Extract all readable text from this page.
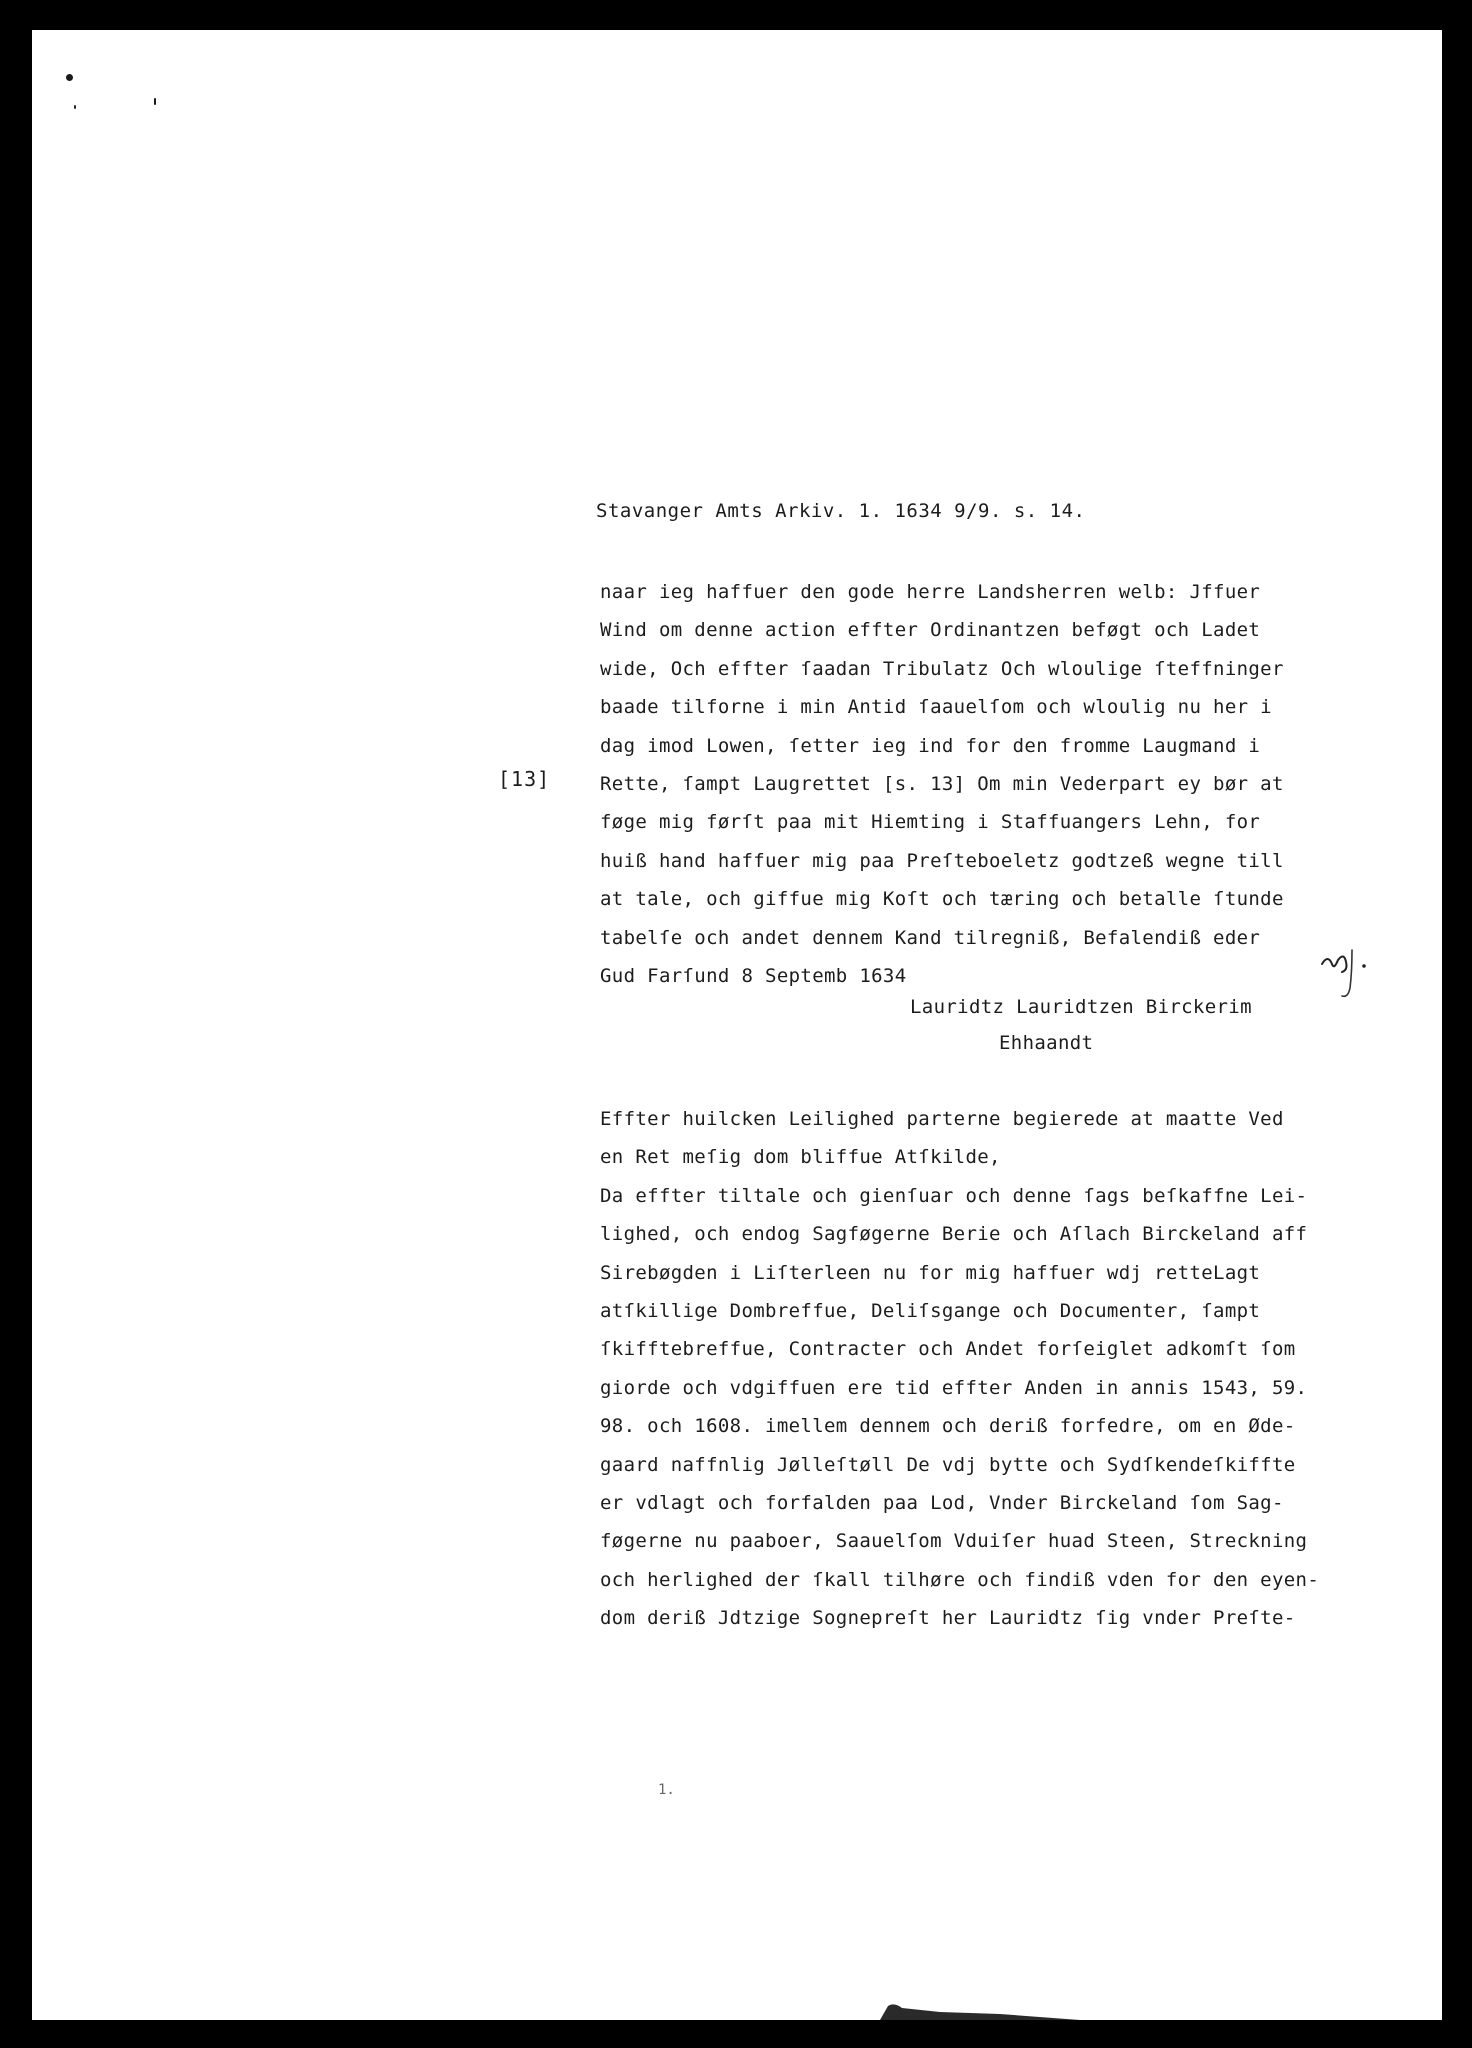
Stavanger Amts Arkiv. 1. 1634 9/9. s. 14.
[13]
naar ieg haffuer den gode herre Landsherren welb: Jffuer
Wind om denne action effter Ordinantzen beføgt och Ladet
wide, Och effter ſaadan Tribulatz Och wloulige ſteffninger
baade tilforne i min Antid ſaauelſom och wloulig nu her i
dag imod Lowen, ſetter ieg ind for den fromme Laugmand i
Rette, ſampt Laugrettet [s. 13] Om min Vederpart ey bør at
føge mig førſt paa mit Hiemting i Staffuangers Lehn, for
huiß hand haffuer mig paa Preſteboeletz godtzeß wegne till
at tale, och giffue mig Koſt och tæring och betalle ſtunde
tabelſe och andet dennem Kand tilregniß, Befalendiß eder
Gud Farſund 8 Septemb 1634
Lauridtz Lauridtzen Birckerim
Ehhaandt
Effter huilcken Leilighed parterne begierede at maatte Ved
en Ret meſig dom bliffue Atſkilde,
Da effter tiltale och gienſuar och denne ſags beſkaffne Lei-
lighed, och endog Sagføgerne Berie och Aſlach Birckeland aff
Sirebøgden i Liſterleen nu for mig haffuer wdj retteLagt
atſkillige Dombreffue, Deliſsgange och Documenter, ſampt
ſkifftebreffue, Contracter och Andet forſeiglet adkomſt ſom
giorde och vdgiffuen ere tid effter Anden in annis 1543, 59.
98. och 1608. imellem dennem och deriß forfedre, om en Øde-
gaard naffnlig Jølleſtøll De vdj bytte och Sydſkendeſkiffte
er vdlagt och forfalden paa Lod, Vnder Birckeland ſom Sag-
føgerne nu paaboer, Saauelſom Vduiſer huad Steen, Streckning
och herlighed der ſkall tilhøre och findiß vden for den eyen-
dom deriß Jdtzige Sognepreſt her Lauridtz ſig vnder Preſte-
1.
